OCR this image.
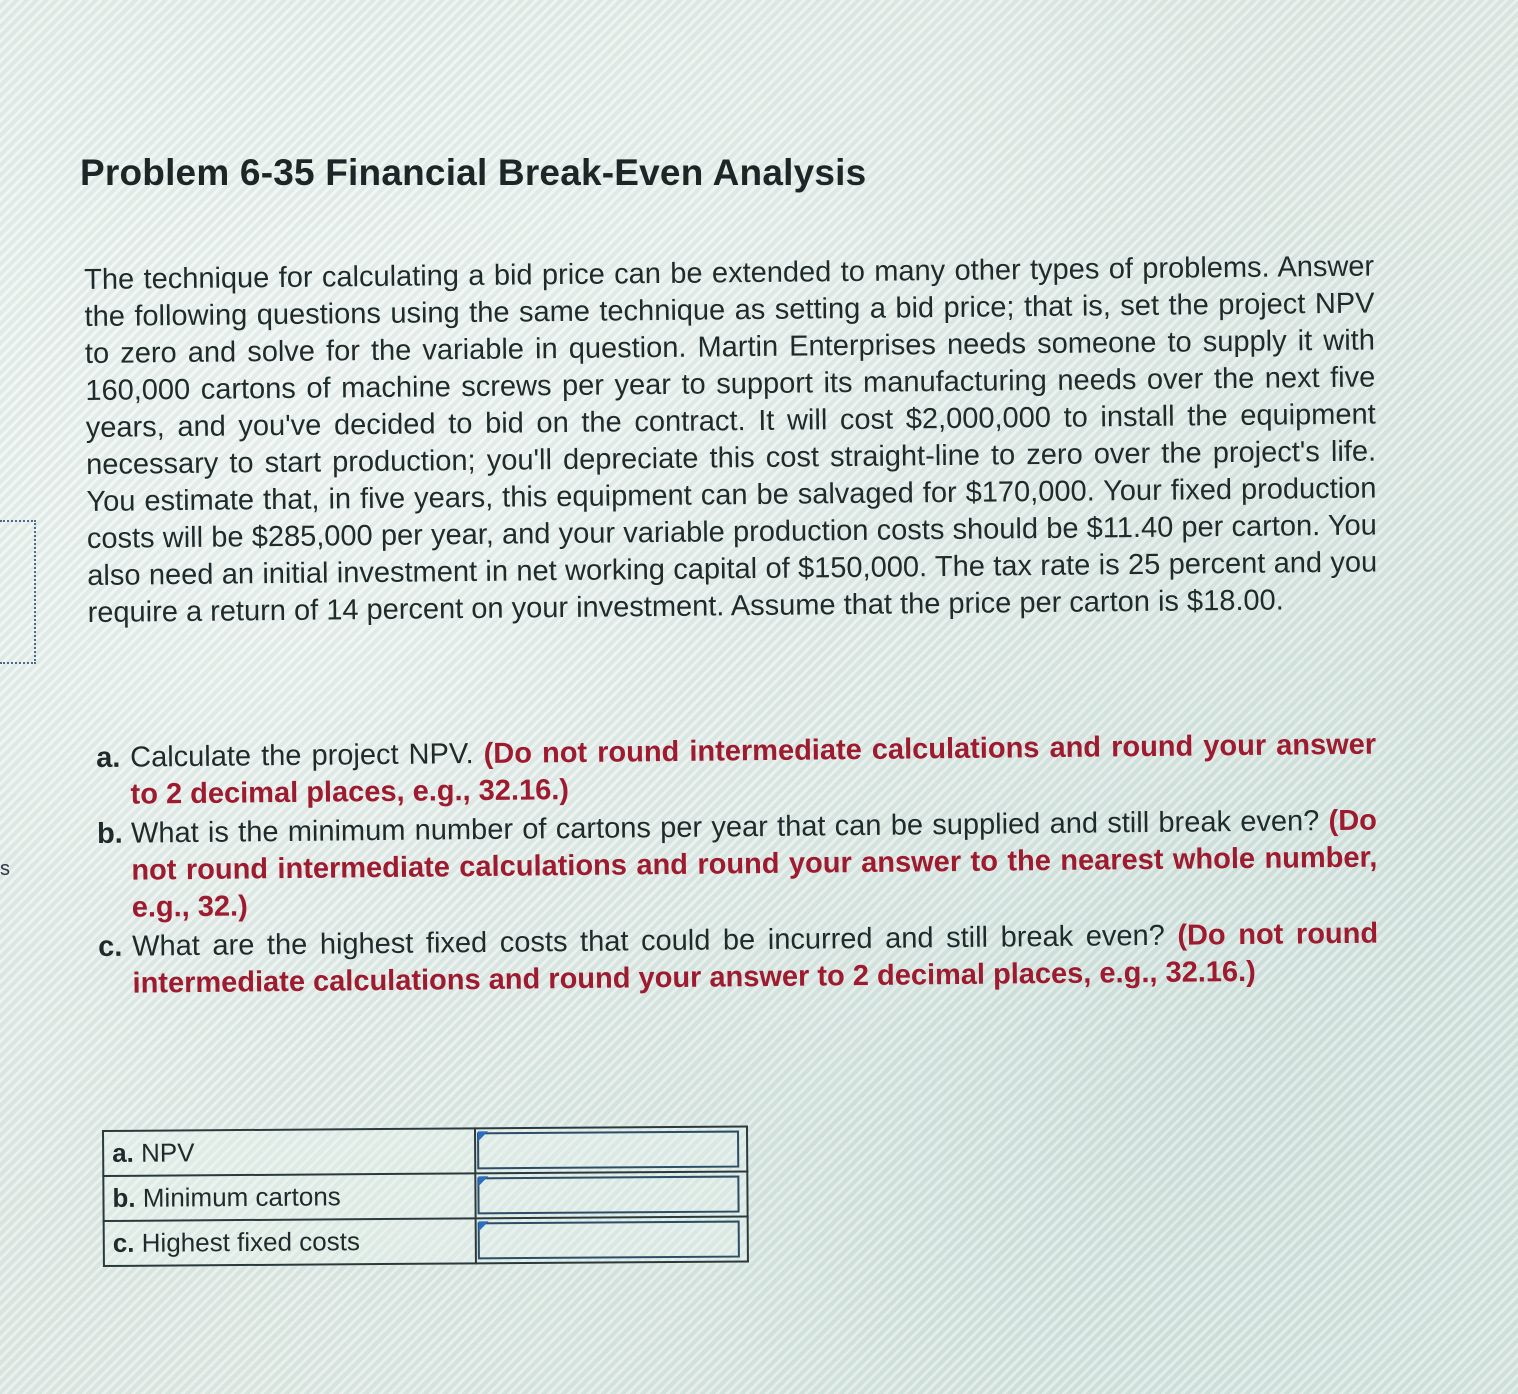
s
Problem 6-35 Financial Break-Even Analysis

The technique for calculating a bid price can be extended to many other types of problems. Answer the following questions using the same technique as setting a bid price; that is, set the project NPV to zero and solve for the variable in question. Martin Enterprises needs someone to supply it with 160,000 cartons of machine screws per year to support its manufacturing needs over the next five years, and you've decided to bid on the contract. It will cost $2,000,000 to install the equipment necessary to start production; you'll depreciate this cost straight-line to zero over the project's life. You estimate that, in five years, this equipment can be salvaged for $170,000. Your fixed production costs will be $285,000 per year, and your variable production costs should be $11.40 per carton. You also need an initial investment in net working capital of $150,000. The tax rate is 25 percent and you require a return of 14 percent on your investment. Assume that the price per carton is $18.00.

a. Calculate the project NPV. (Do not round intermediate calculations and round your answer to 2 decimal places, e.g., 32.16.)
b. What is the minimum number of cartons per year that can be supplied and still break even? (Do not round intermediate calculations and round your answer to the nearest whole number, e.g., 32.)
c. What are the highest fixed costs that could be incurred and still break even? (Do not round intermediate calculations and round your answer to 2 decimal places, e.g., 32.16.)
a. NPV	

b. Minimum cartons	

c. Highest fixed costs	
